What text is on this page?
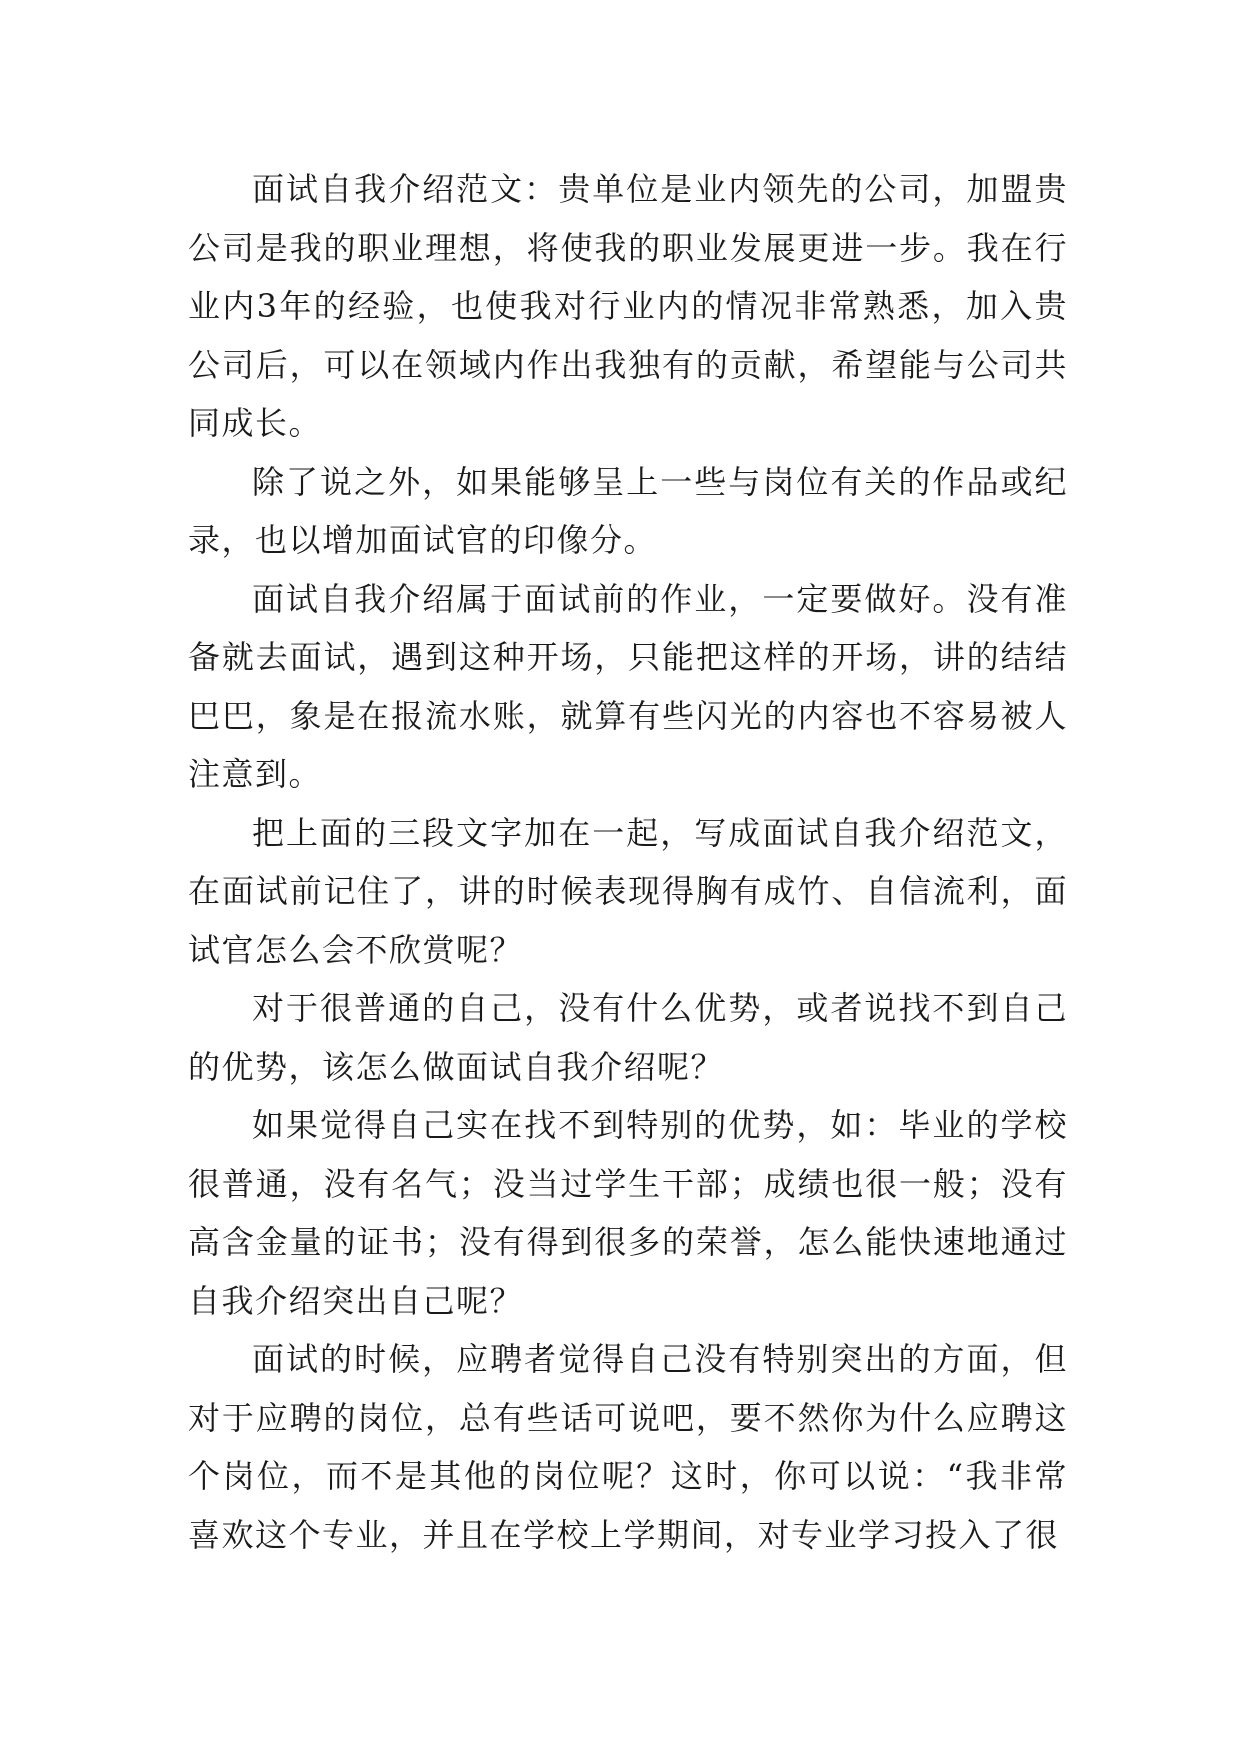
面试自我介绍范文：贵单位是业内领先的公司，加盟贵公司是我的职业理想，将使我的职业发展更进一步。我在行业内3年的经验，也使我对行业内的情况非常熟悉，加入贵公司后，可以在领域内作出我独有的贡献，希望能与公司共同成长。

除了说之外，如果能够呈上一些与岗位有关的作品或纪录，也以增加面试官的印像分。

面试自我介绍属于面试前的作业，一定要做好。没有准备就去面试，遇到这种开场，只能把这样的开场，讲的结结巴巴，象是在报流水账，就算有些闪光的内容也不容易被人注意到。

把上面的三段文字加在一起，写成面试自我介绍范文，在面试前记住了，讲的时候表现得胸有成竹、自信流利，面试官怎么会不欣赏呢？

对于很普通的自己，没有什么优势，或者说找不到自己的优势，该怎么做面试自我介绍呢？

如果觉得自己实在找不到特别的优势，如：毕业的学校很普通，没有名气；没当过学生干部；成绩也很一般；没有高含金量的证书；没有得到很多的荣誉，怎么能快速地通过自我介绍突出自己呢？

面试的时候，应聘者觉得自己没有特别突出的方面，但对于应聘的岗位，总有些话可说吧，要不然你为什么应聘这个岗位，而不是其他的岗位呢？这时，你可以说：“我非常喜欢这个专业，并且在学校上学期间，对专业学习投入了很
